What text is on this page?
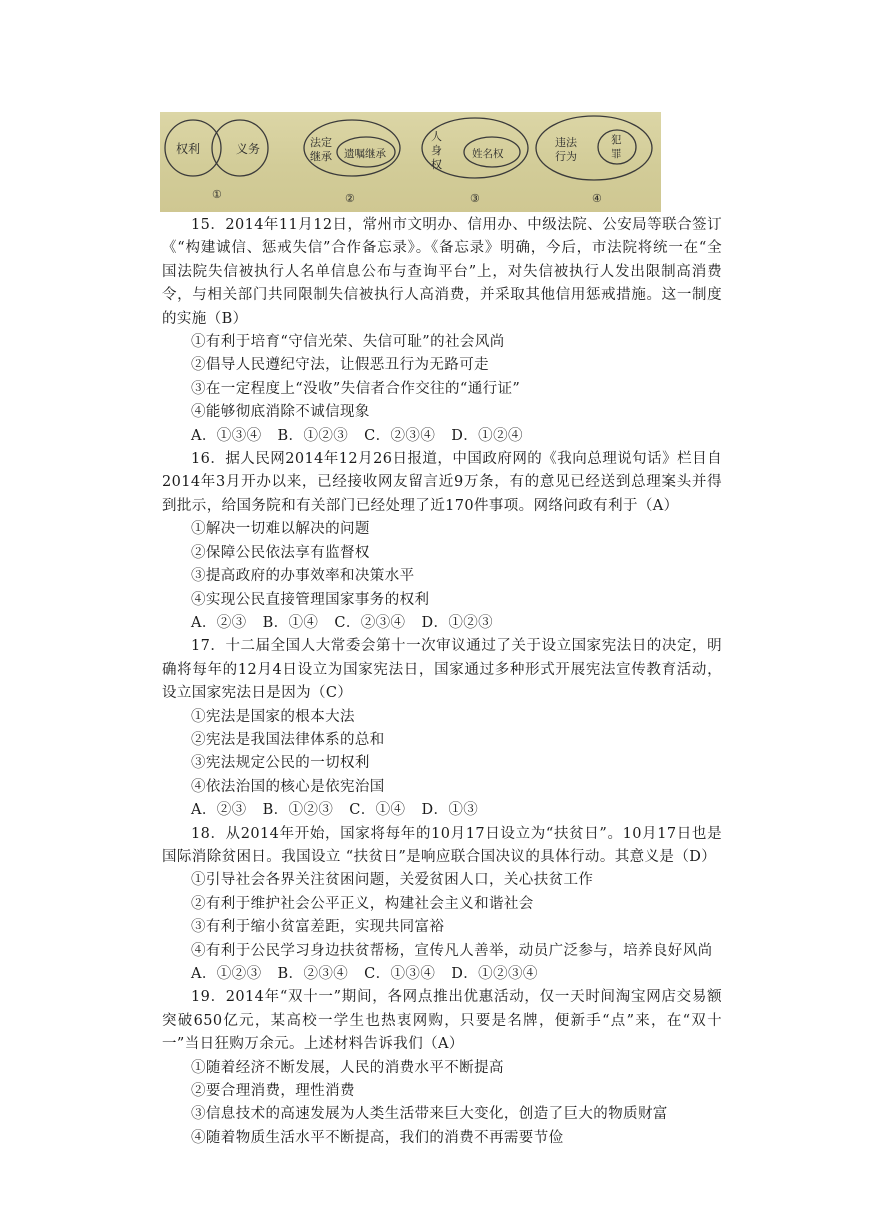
权利	义务
①
法定
继承 遗嘱继承
②
人
身
权
姓名权
③
违法
行为
犯
罪
④

15．2014年11月12日，常州市文明办、信用办、中级法院、公安局等联合签订《“构建诚信、惩戒失信”合作备忘录》。《备忘录》明确，今后，市法院将统一在“全国法院失信被执行人名单信息公布与查询平台”上，对失信被执行人发出限制高消费令，与相关部门共同限制失信被执行人高消费，并采取其他信用惩戒措施。这一制度的实施（B）

①有利于培育“守信光荣、失信可耻”的社会风尚

②倡导人民遵纪守法，让假恶丑行为无路可走

③在一定程度上“没收”失信者合作交往的“通行证”

④能够彻底消除不诚信现象

A．①③④ B．①②③ C．②③④ D．①②④

16．据人民网2014年12月26日报道，中国政府网的《我向总理说句话》栏目自2014年3月开办以来，已经接收网友留言近9万条，有的意见已经送到总理案头并得到批示，给国务院和有关部门已经处理了近170件事项。网络问政有利于（A）

①解决一切难以解决的问题

②保障公民依法享有监督权

③提高政府的办事效率和决策水平

④实现公民直接管理国家事务的权利

A．②③ B．①④ C．②③④ D．①②③

17．十二届全国人大常委会第十一次审议通过了关于设立国家宪法日的决定，明确将每年的12月4日设立为国家宪法日，国家通过多种形式开展宪法宣传教育活动，设立国家宪法日是因为（C）

①宪法是国家的根本大法

②宪法是我国法律体系的总和

③宪法规定公民的一切权利

④依法治国的核心是依宪治国

A．②③ B．①②③ C．①④ D．①③

18．从2014年开始，国家将每年的10月17日设立为“扶贫日”。10月17日也是国际消除贫困日。我国设立 “扶贫日”是响应联合国决议的具体行动。其意义是（D）

①引导社会各界关注贫困问题，关爱贫困人口，关心扶贫工作

②有利于维护社会公平正义，构建社会主义和谐社会

③有利于缩小贫富差距，实现共同富裕

④有利于公民学习身边扶贫帮杨，宣传凡人善举，动员广泛参与，培养良好风尚

A．①②③ B．②③④ C．①③④ D．①②③④

19．2014年“双十一”期间，各网点推出优惠活动，仅一天时间淘宝网店交易额突破650亿元，某高校一学生也热衷网购，只要是名牌，便新手“点”来，在“双十一”当日狂购万余元。上述材料告诉我们（A）

①随着经济不断发展，人民的消费水平不断提高

②要合理消费，理性消费

③信息技术的高速发展为人类生活带来巨大变化，创造了巨大的物质财富

④随着物质生活水平不断提高，我们的消费不再需要节俭
